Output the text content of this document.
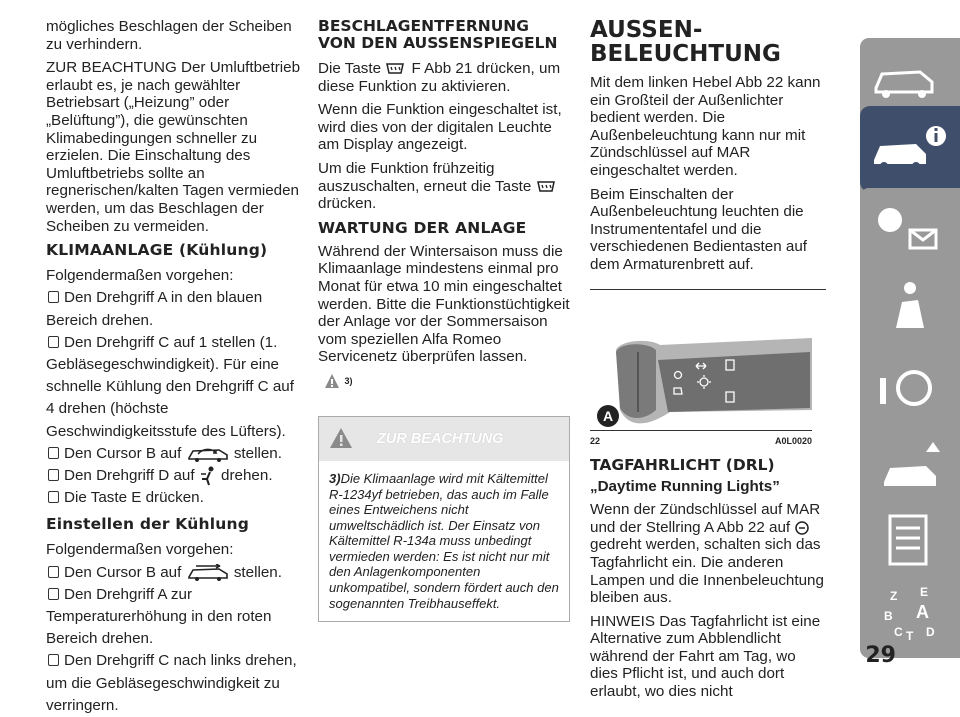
mögliches Beschlagen der Scheiben zu verhindern.

ZUR BEACHTUNG Der Umluftbetrieb erlaubt es, je nach gewählter Betriebsart („Heizung” oder „Belüftung”), die gewünschten Klimabedingungen schneller zu erzielen. Die Einschaltung des Umluftbetriebs sollte an regnerischen/kalten Tagen vermieden werden, um das Beschlagen der Scheiben zu vermeiden.

KLIMAANLAGE (Kühlung)

Folgendermaßen vorgehen:

Den Drehgriff A in den blauen Bereich drehen.

Den Drehgriff C auf 1 stellen (1. Gebläsegeschwindigkeit). Für eine schnelle Kühlung den Drehgriff C auf 4 drehen (höchste Geschwindigkeitsstufe des Lüfters).

Den Cursor B auf	stellen.

Den Drehgriff D auf drehen.

Die Taste E drücken.

Einstellen der Kühlung

Folgendermaßen vorgehen:

Den Cursor B auf	stellen.

Den Drehgriff A zur Temperaturerhöhung in den roten Bereich drehen.

Den Drehgriff C nach links drehen, um die Gebläsegeschwindigkeit zu verringern.

BESCHLAGENTFERNUNG VON DEN AUSSENSPIEGELN

Die Taste F Abb 21 drücken, um diese Funktion zu aktivieren.

Wenn die Funktion eingeschaltet ist, wird dies von der digitalen Leuchte am Display angezeigt.

Um die Funktion frühzeitig auszuschalten, erneut die Taste  drücken.

WARTUNG DER ANLAGE

Während der Wintersaison muss die Klimaanlage mindestens einmal pro Monat für etwa 10 min eingeschaltet werden. Bitte die Funktionstüchtigkeit der Anlage vor der Sommersaison vom speziellen Alfa Romeo Servicenetz überprüfen lassen.

3)
ZUR BEACHTUNG
3)Die Klimaanlage wird mit Kältemittel R-1234yf betrieben, das auch im Falle eines Entweichens nicht umweltschädlich ist. Der Einsatz von Kältemittel R-134a muss unbedingt vermieden werden: Es ist nicht nur mit den Anlagenkomponenten unkompatibel, sondern fördert auch den sogenannten Treibhauseffekt.
AUSSEN-BELEUCHTUNG

Mit dem linken Hebel Abb 22 kann ein Großteil der Außenlichter bedient werden. Die Außenbeleuchtung kann nur mit Zündschlüssel auf MAR eingeschaltet werden.

Beim Einschalten der Außenbeleuchtung leuchten die Instrumententafel und die verschiedenen Bedientasten auf dem Armaturenbrett auf.

A
22	A0L0020
TAGFAHRLICHT (DRL)

„Daytime Running Lights”

Wenn der Zündschlüssel auf MAR und der Stellring A Abb 22 auf  gedreht werden, schalten sich das Tagfahrlicht ein. Die anderen Lampen und die Innenbeleuchtung bleiben aus.

HINWEIS Das Tagfahrlicht ist eine Alternative zum Abblendlicht während der Fahrt am Tag, wo dies Pflicht ist, und auch dort erlaubt, wo dies nicht

Z E
B A
C T D
29
